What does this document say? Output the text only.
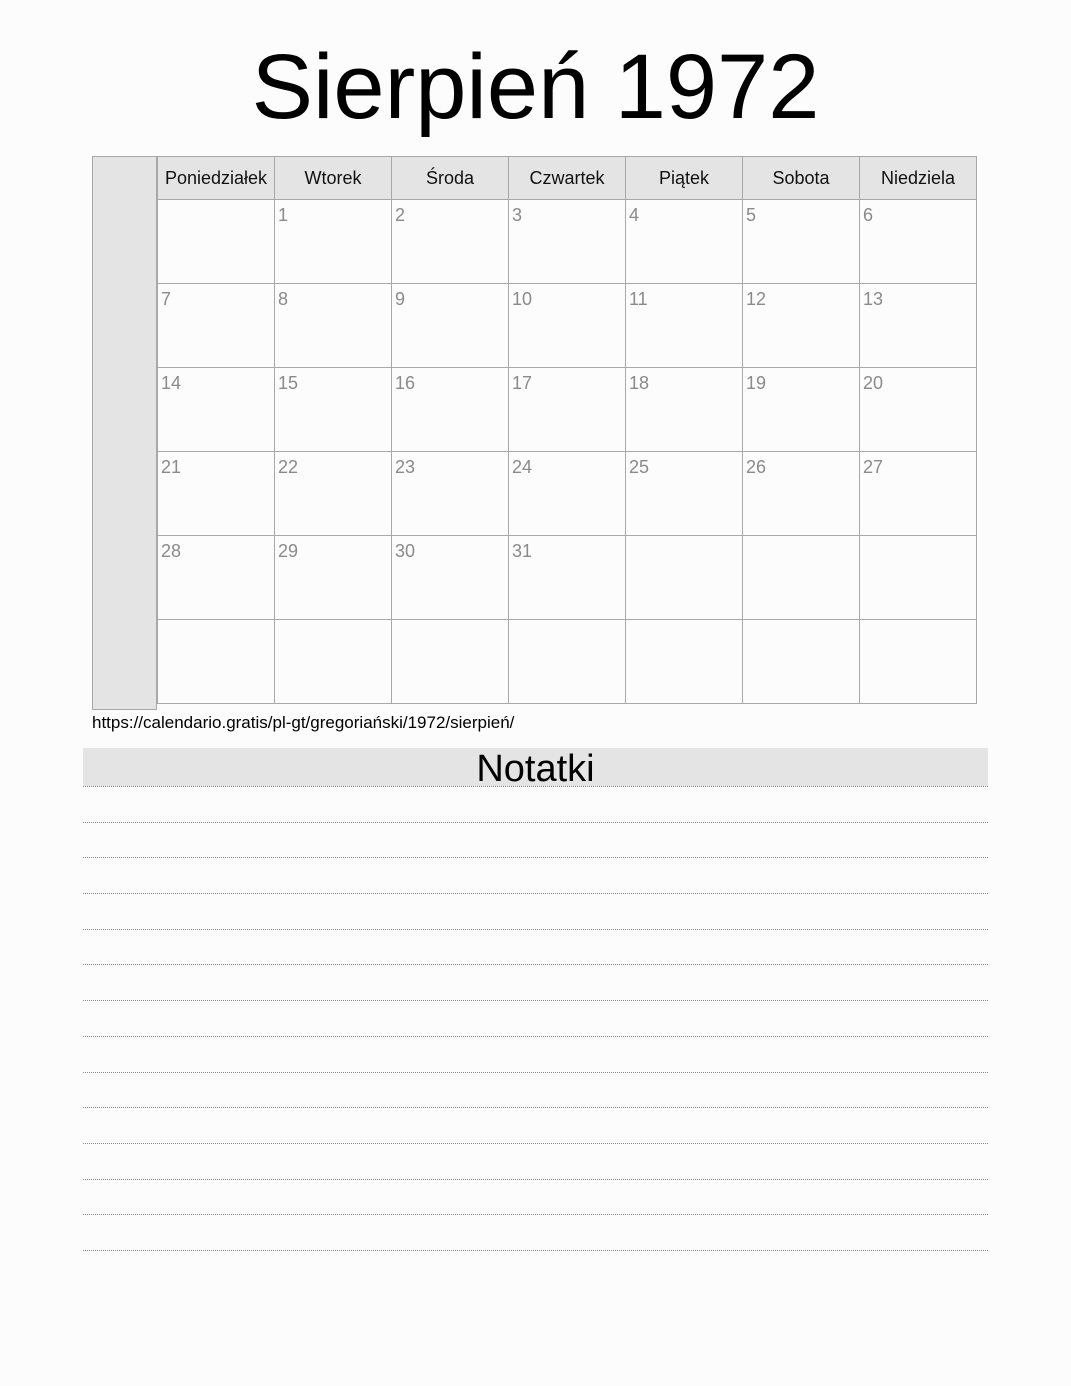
Sierpień 1972
Poniedziałek	Wtorek	Środa	Czwartek	Piątek	Sobota	Niedziela
	1	2	3	4	5	6
7	8	9	10	11	12	13
14	15	16	17	18	19	20
21	22	23	24	25	26	27
28	29	30	31			

https://calendario.gratis/pl-gt/gregoriański/1972/sierpień/
Notatki
